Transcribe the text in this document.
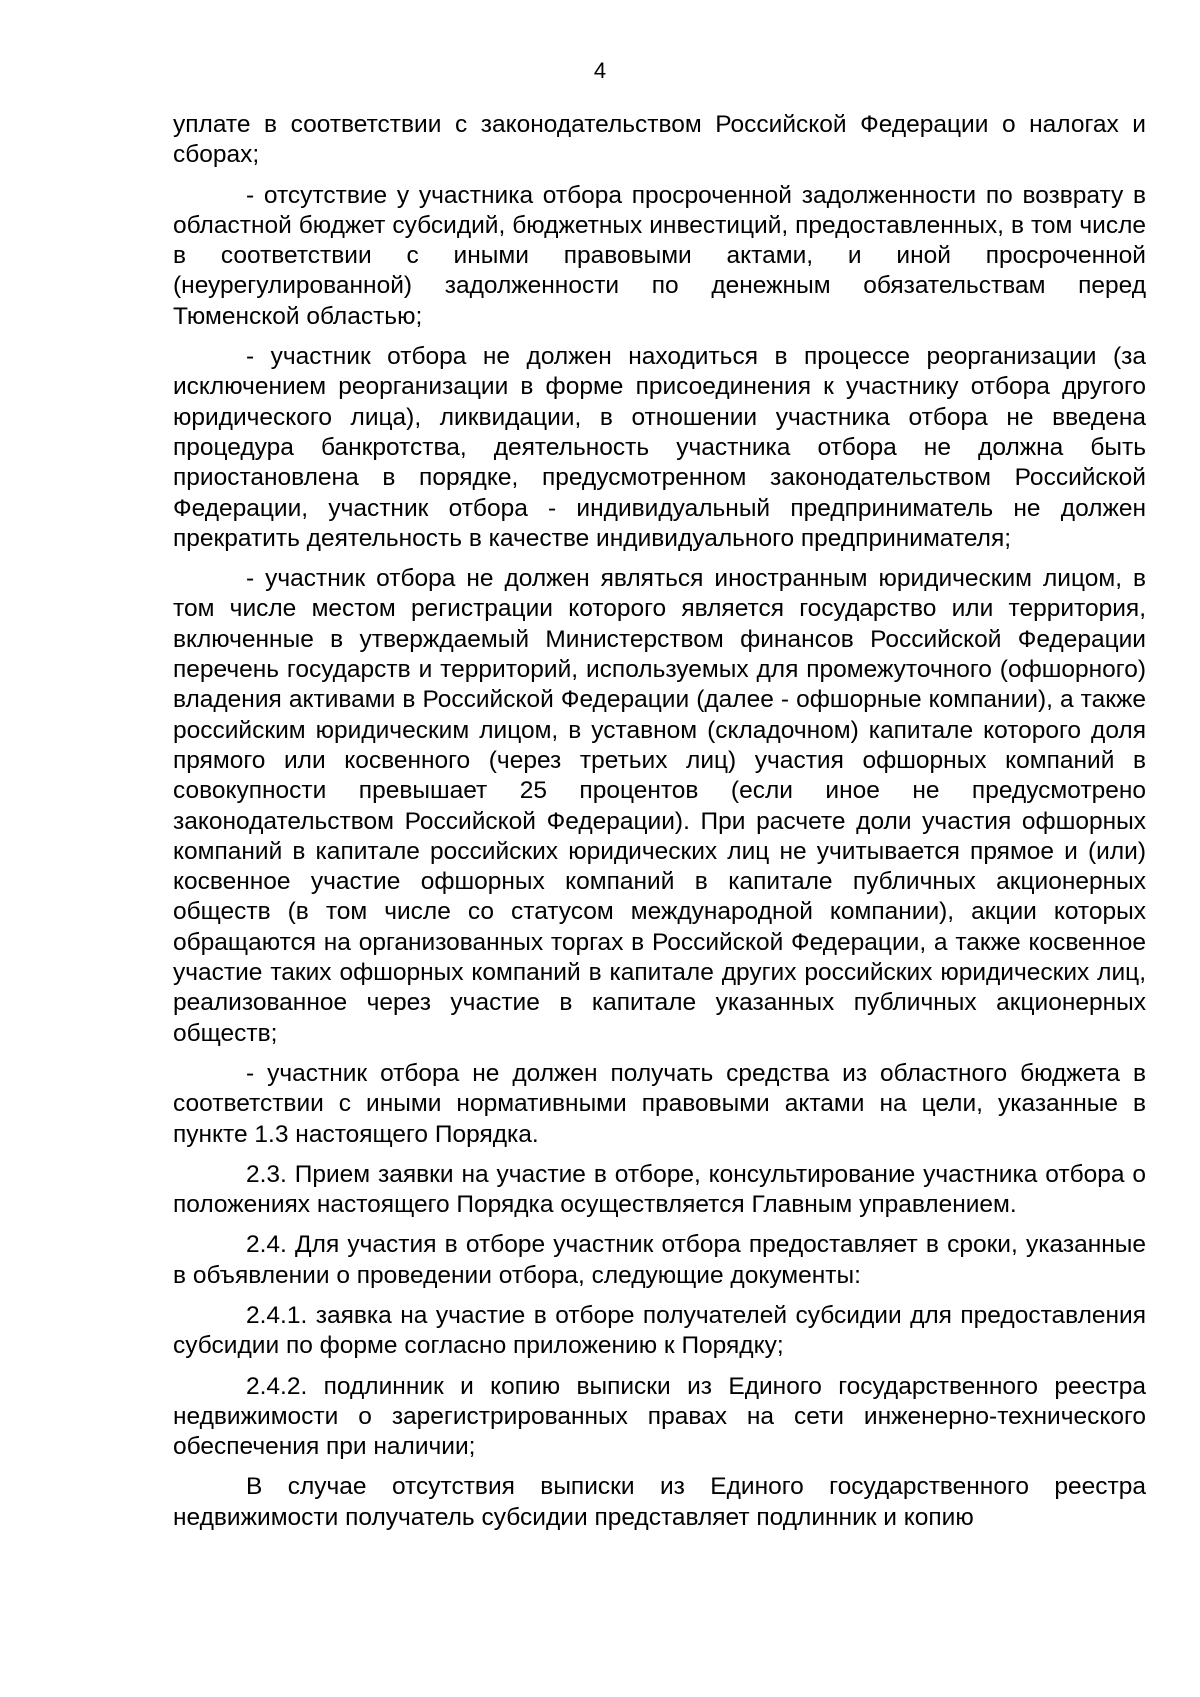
4

уплате в соответствии с законодательством Российской Федерации о налогах и сборах;

- отсутствие у участника отбора просроченной задолженности по возврату в областной бюджет субсидий, бюджетных инвестиций, предоставленных, в том числе в соответствии с иными правовыми актами, и иной просроченной (неурегулированной) задолженности по денежным обязательствам перед Тюменской областью;

- участник отбора не должен находиться в процессе реорганизации (за исключением реорганизации в форме присоединения к участнику отбора другого юридического лица), ликвидации, в отношении участника отбора не введена процедура банкротства, деятельность участника отбора не должна быть приостановлена в порядке, предусмотренном законодательством Российской Федерации, участник отбора - индивидуальный предприниматель не должен прекратить деятельность в качестве индивидуального предпринимателя;

- участник отбора не должен являться иностранным юридическим лицом, в том числе местом регистрации которого является государство или территория, включенные в утверждаемый Министерством финансов Российской Федерации перечень государств и территорий, используемых для промежуточного (офшорного) владения активами в Российской Федерации (далее - офшорные компании), а также российским юридическим лицом, в уставном (складочном) капитале которого доля прямого или косвенного (через третьих лиц) участия офшорных компаний в совокупности превышает 25 процентов (если иное не предусмотрено законодательством Российской Федерации). При расчете доли участия офшорных компаний в капитале российских юридических лиц не учитывается прямое и (или) косвенное участие офшорных компаний в капитале публичных акционерных обществ (в том числе со статусом международной компании), акции которых обращаются на организованных торгах в Российской Федерации, а также косвенное участие таких офшорных компаний в капитале других российских юридических лиц, реализованное через участие в капитале указанных публичных акционерных обществ;

- участник отбора не должен получать средства из областного бюджета в соответствии с иными нормативными правовыми актами на цели, указанные в пункте 1.3 настоящего Порядка.

2.3. Прием заявки на участие в отборе, консультирование участника отбора о положениях настоящего Порядка осуществляется Главным управлением.

2.4. Для участия в отборе участник отбора предоставляет в сроки, указанные в объявлении о проведении отбора, следующие документы:

2.4.1. заявка на участие в отборе получателей субсидии для предоставления субсидии по форме согласно приложению к Порядку;

2.4.2. подлинник и копию выписки из Единого государственного реестра недвижимости о зарегистрированных правах на сети инженерно-технического обеспечения при наличии;

В случае отсутствия выписки из Единого государственного реестра недвижимости получатель субсидии представляет подлинник и копию
